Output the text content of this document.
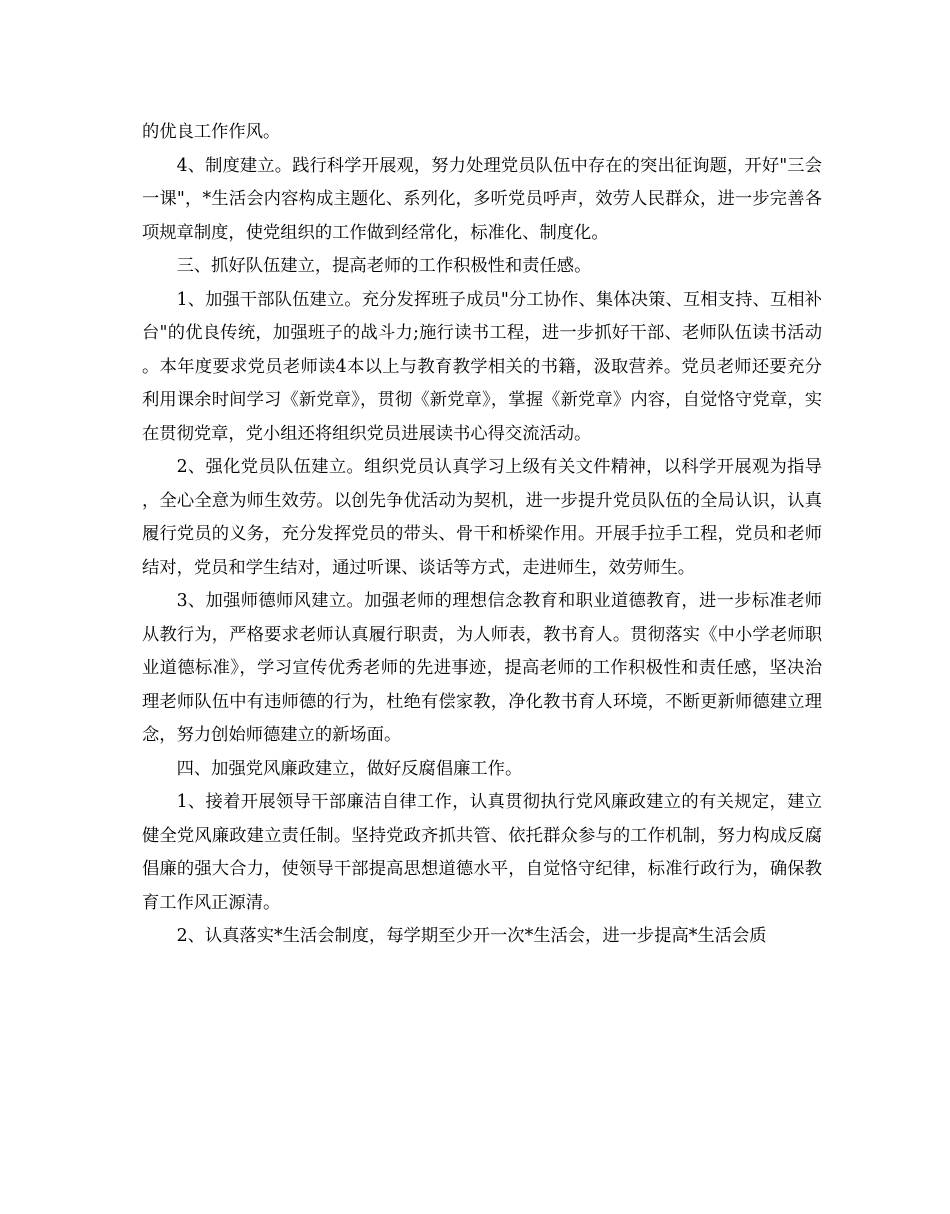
的优良工作作风。

4、制度建立。践行科学开展观，努力处理党员队伍中存在的突出征询题，开好"三会一课"，*生活会内容构成主题化、系列化，多听党员呼声，效劳人民群众，进一步完善各项规章制度，使党组织的工作做到经常化，标准化、制度化。

三、抓好队伍建立，提高老师的工作积极性和责任感。

1、加强干部队伍建立。充分发挥班子成员"分工协作、集体决策、互相支持、互相补台"的优良传统，加强班子的战斗力;施行读书工程，进一步抓好干部、老师队伍读书活动。本年度要求党员老师读4本以上与教育教学相关的书籍，汲取营养。党员老师还要充分利用课余时间学习《新党章》，贯彻《新党章》，掌握《新党章》内容，自觉恪守党章，实在贯彻党章，党小组还将组织党员进展读书心得交流活动。

2、强化党员队伍建立。组织党员认真学习上级有关文件精神，以科学开展观为指导，全心全意为师生效劳。以创先争优活动为契机，进一步提升党员队伍的全局认识，认真履行党员的义务，充分发挥党员的带头、骨干和桥梁作用。开展手拉手工程，党员和老师结对，党员和学生结对，通过听课、谈话等方式，走进师生，效劳师生。

3、加强师德师风建立。加强老师的理想信念教育和职业道德教育，进一步标准老师从教行为，严格要求老师认真履行职责，为人师表，教书育人。贯彻落实《中小学老师职业道德标准》，学习宣传优秀老师的先进事迹，提高老师的工作积极性和责任感，坚决治理老师队伍中有违师德的行为，杜绝有偿家教，净化教书育人环境，不断更新师德建立理念，努力创始师德建立的新场面。

四、加强党风廉政建立，做好反腐倡廉工作。

1、接着开展领导干部廉洁自律工作，认真贯彻执行党风廉政建立的有关规定，建立健全党风廉政建立责任制。坚持党政齐抓共管、依托群众参与的工作机制，努力构成反腐倡廉的强大合力，使领导干部提高思想道德水平，自觉恪守纪律，标准行政行为，确保教育工作风正源清。

2、认真落实*生活会制度，每学期至少开一次*生活会，进一步提高*生活会质
